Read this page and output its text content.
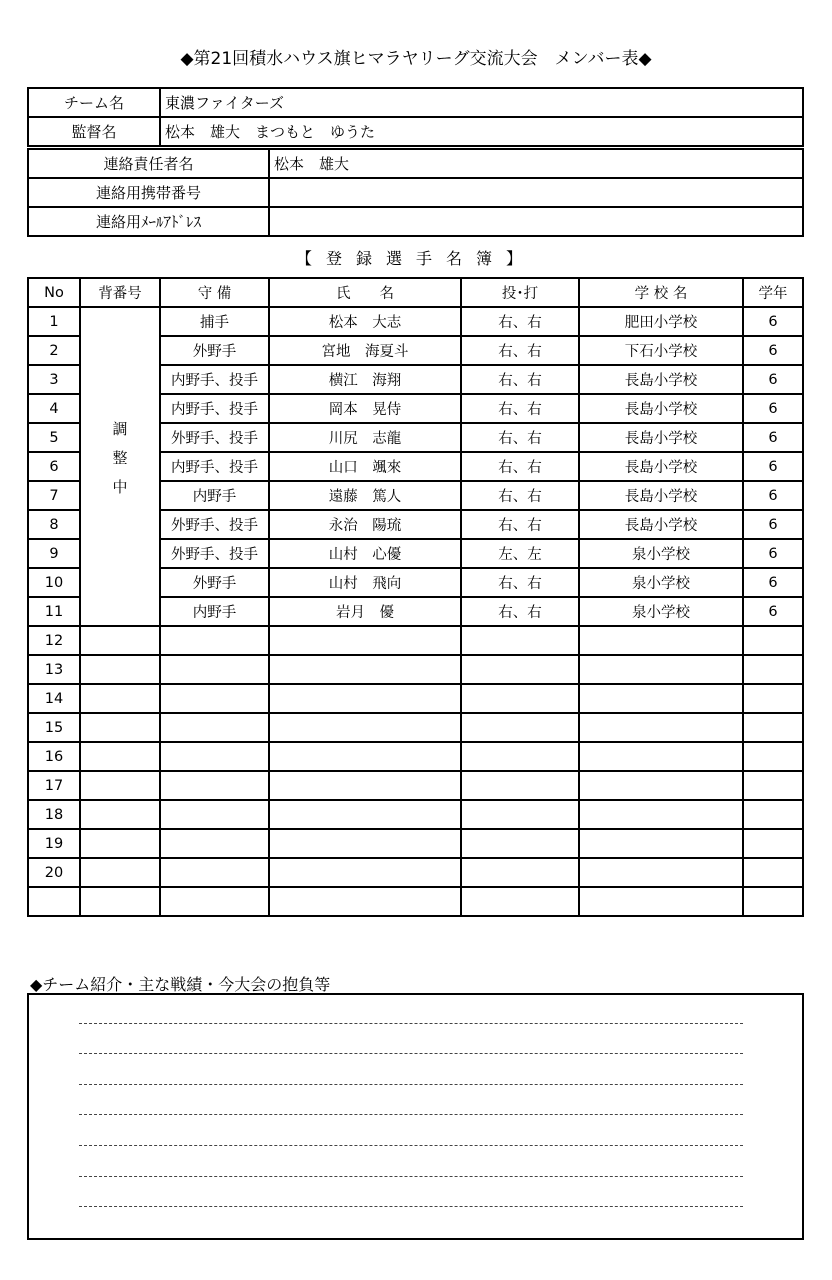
◆第21回積水ハウス旗ヒマラヤリーグ交流大会　メンバー表◆
チーム名	東濃ファイターズ
監督名	松本　雄大　まつもと　ゆうた
連絡責任者名	松本　雄大
連絡用携帯番号	
連絡用ﾒｰﾙｱﾄﾞﾚｽ	
【登録選手名簿】
No	背番号	守 備	氏　　名	投･打	学 校 名	学年
1	調整中	捕手	松本　大志	右、右	肥田小学校	6
2		外野手	宮地　海夏斗	右、右	下石小学校	6
3		内野手、投手	横江　海翔	右、右	長島小学校	6
4		内野手、投手	岡本　晃侍	右、右	長島小学校	6
5		外野手、投手	川尻　志龍	右、右	長島小学校	6
6		内野手、投手	山口　颯來	右、右	長島小学校	6
7		内野手	遠藤　篤人	右、右	長島小学校	6
8		外野手、投手	永治　陽琉	右、右	長島小学校	6
9		外野手、投手	山村　心優	左、左	泉小学校	6
10		外野手	山村　飛向	右、右	泉小学校	6
11		内野手	岩月　優	右、右	泉小学校	6
12						
13						
14						
15						
16						
17						
18						
19						
20						

◆チーム紹介・主な戦績・今大会の抱負等
